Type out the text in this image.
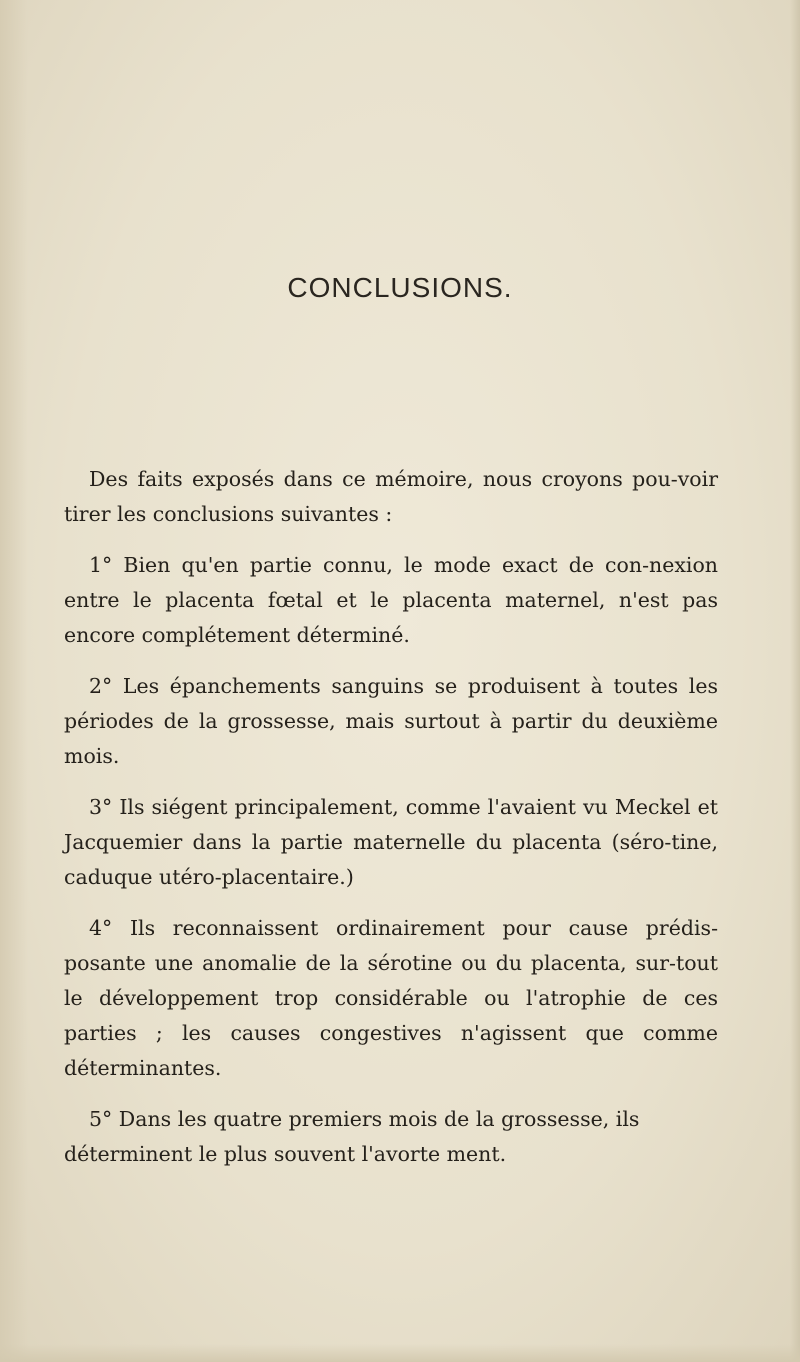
CONCLUSIONS.

Des faits exposés dans ce mémoire, nous croyons pou-voir tirer les conclusions suivantes :

1° Bien qu'en partie connu, le mode exact de con-nexion entre le placenta fœtal et le placenta maternel, n'est pas encore complétement déterminé.

2° Les épanchements sanguins se produisent à toutes les périodes de la grossesse, mais surtout à partir du deuxième mois.

3° Ils siégent principalement, comme l'avaient vu Meckel et Jacquemier dans la partie maternelle du placenta (séro-tine, caduque utéro-placentaire.)

4° Ils reconnaissent ordinairement pour cause prédis-posante une anomalie de la sérotine ou du placenta, sur-tout le développement trop considérable ou l'atrophie de ces parties ; les causes congestives n'agissent que comme déterminantes.

5° Dans les quatre premiers mois de la grossesse, ils déterminent le plus souvent l'avorte ment.
